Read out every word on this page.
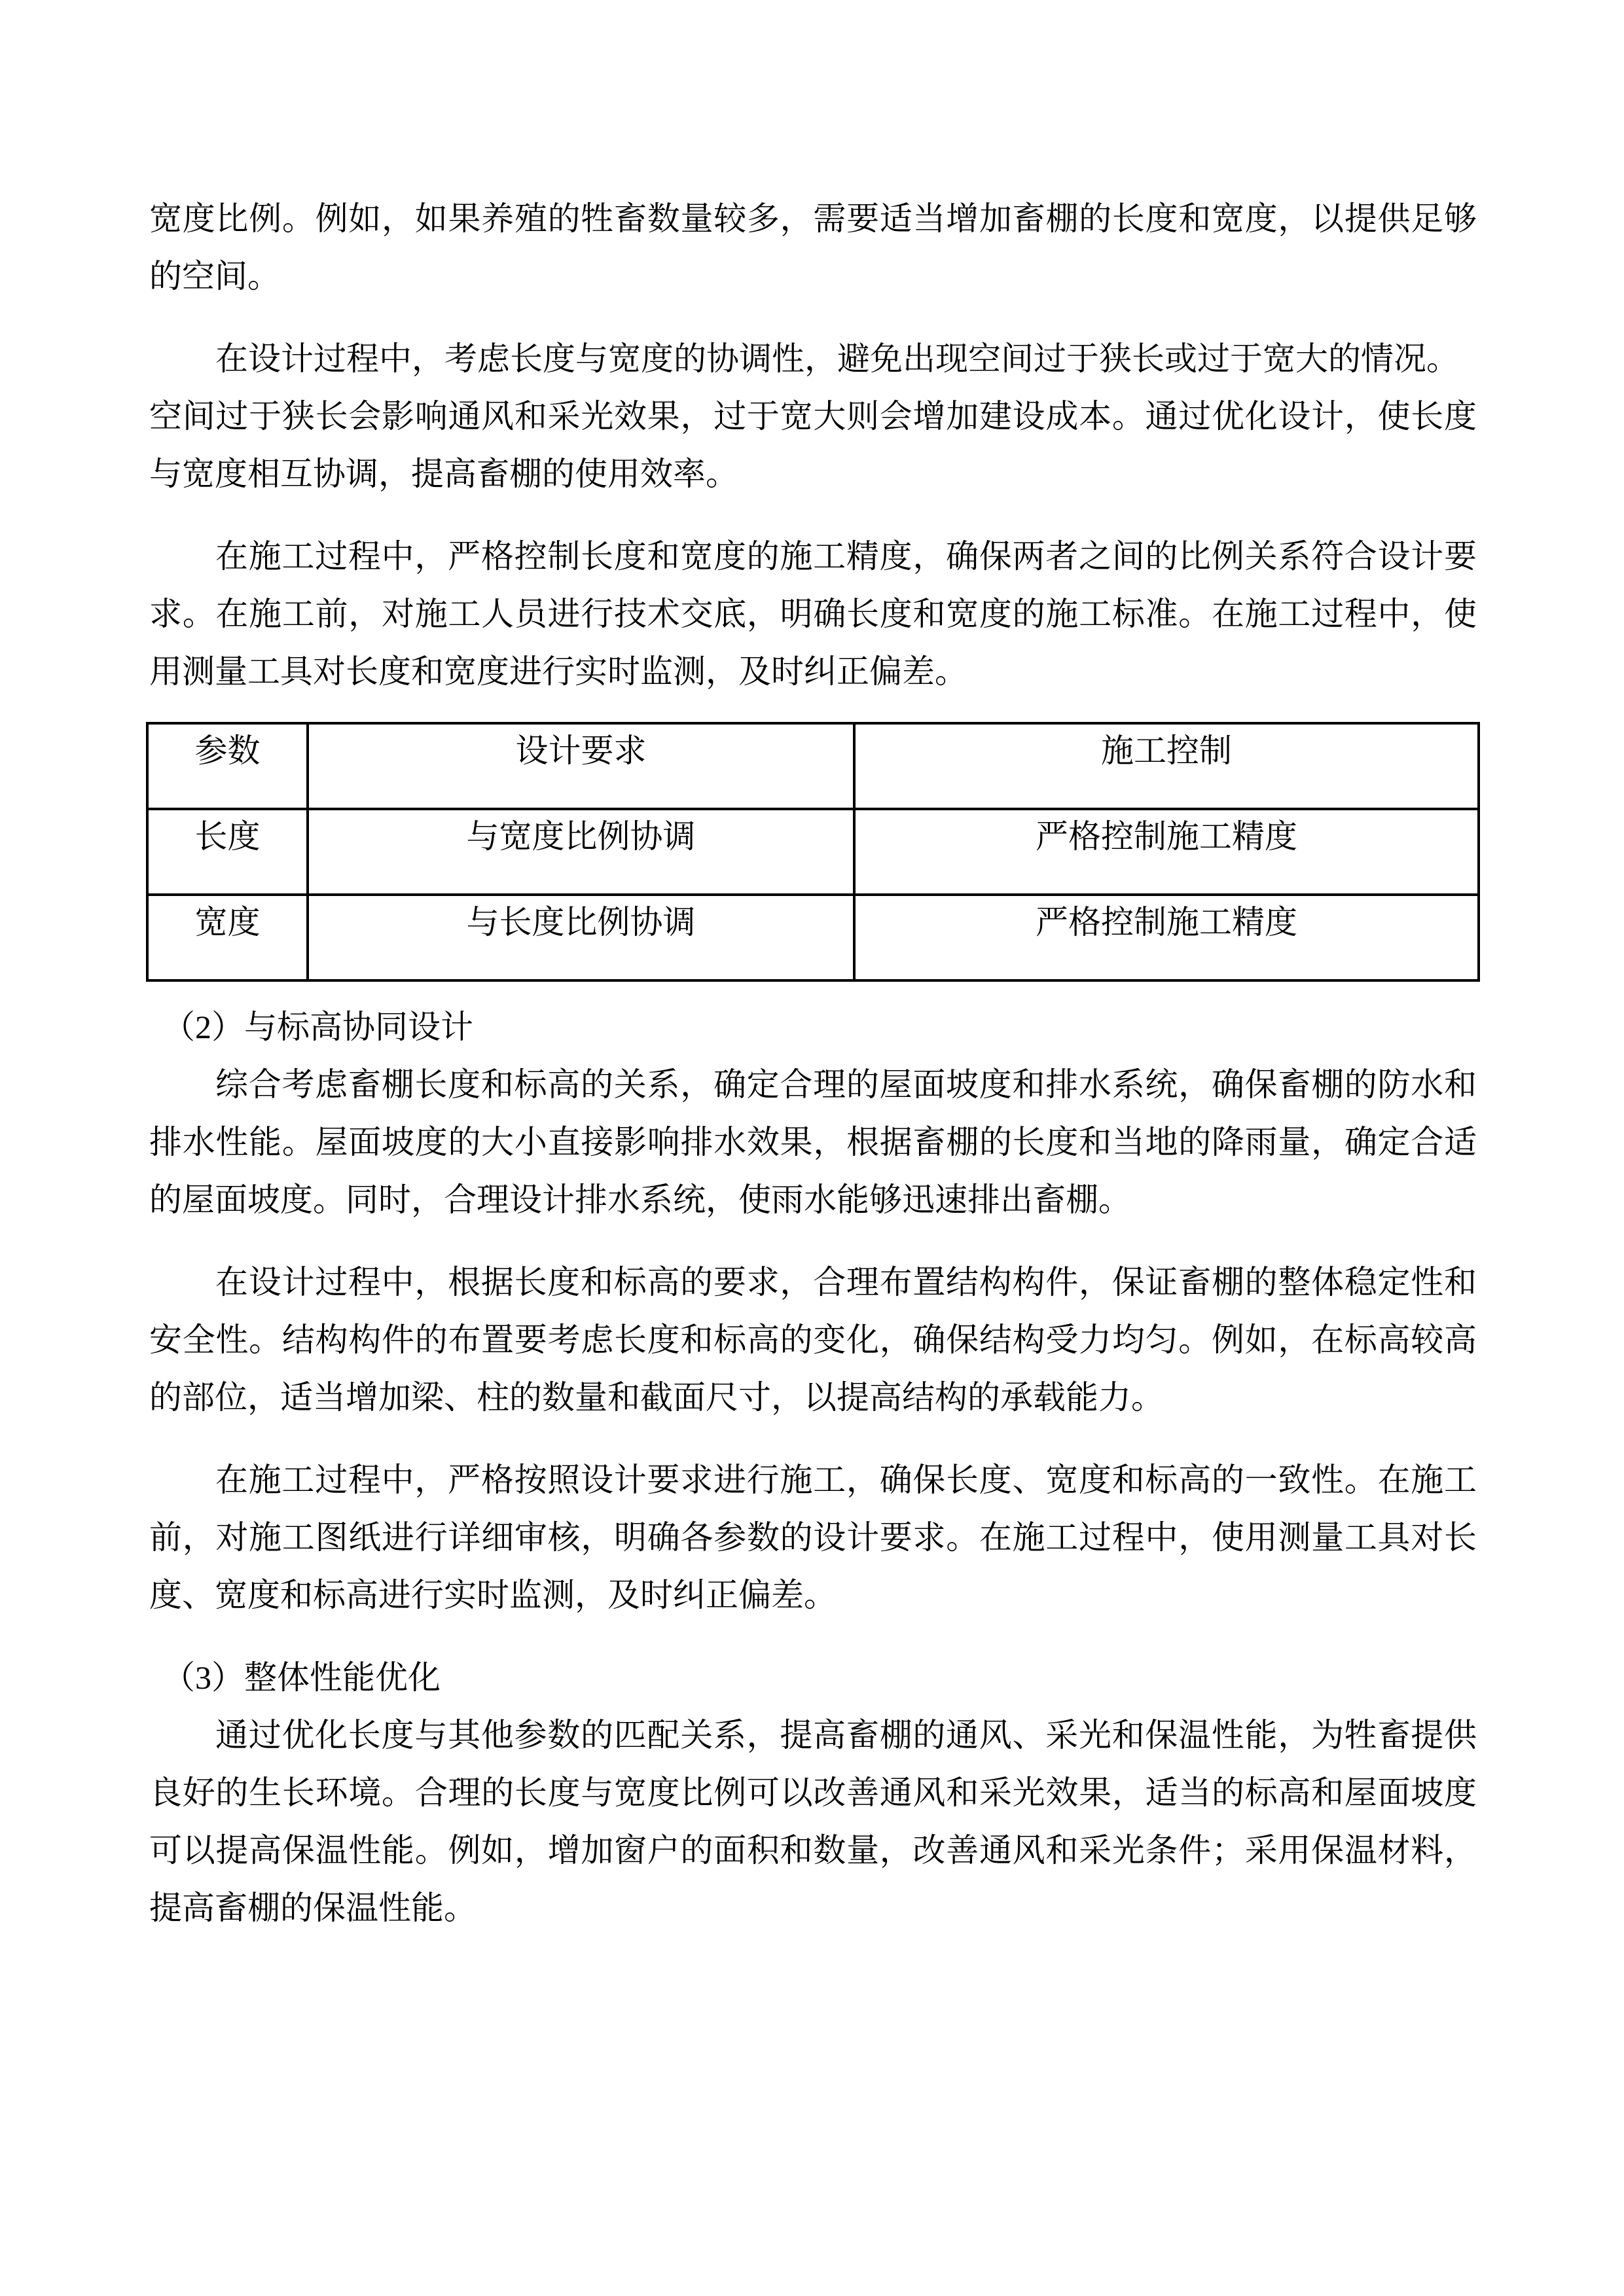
宽度比例。例如，如果养殖的牲畜数量较多，需要适当增加畜棚的长度和宽度，以提供足够
的空间。
在设计过程中，考虑长度与宽度的协调性，避免出现空间过于狭长或过于宽大的情况。
空间过于狭长会影响通风和采光效果，过于宽大则会增加建设成本。通过优化设计，使长度
与宽度相互协调，提高畜棚的使用效率。
在施工过程中，严格控制长度和宽度的施工精度，确保两者之间的比例关系符合设计要
求。在施工前，对施工人员进行技术交底，明确长度和宽度的施工标准。在施工过程中，使
用测量工具对长度和宽度进行实时监测，及时纠正偏差。
参数	设计要求	施工控制
长度	与宽度比例协调	严格控制施工精度
宽度	与长度比例协调	严格控制施工精度
（2）与标高协同设计
综合考虑畜棚长度和标高的关系，确定合理的屋面坡度和排水系统，确保畜棚的防水和
排水性能。屋面坡度的大小直接影响排水效果，根据畜棚的长度和当地的降雨量，确定合适
的屋面坡度。同时，合理设计排水系统，使雨水能够迅速排出畜棚。
在设计过程中，根据长度和标高的要求，合理布置结构构件，保证畜棚的整体稳定性和
安全性。结构构件的布置要考虑长度和标高的变化，确保结构受力均匀。例如，在标高较高
的部位，适当增加梁、柱的数量和截面尺寸，以提高结构的承载能力。
在施工过程中，严格按照设计要求进行施工，确保长度、宽度和标高的一致性。在施工
前，对施工图纸进行详细审核，明确各参数的设计要求。在施工过程中，使用测量工具对长
度、宽度和标高进行实时监测，及时纠正偏差。
（3）整体性能优化
通过优化长度与其他参数的匹配关系，提高畜棚的通风、采光和保温性能，为牲畜提供
良好的生长环境。合理的长度与宽度比例可以改善通风和采光效果，适当的标高和屋面坡度
可以提高保温性能。例如，增加窗户的面积和数量，改善通风和采光条件；采用保温材料，
提高畜棚的保温性能。
